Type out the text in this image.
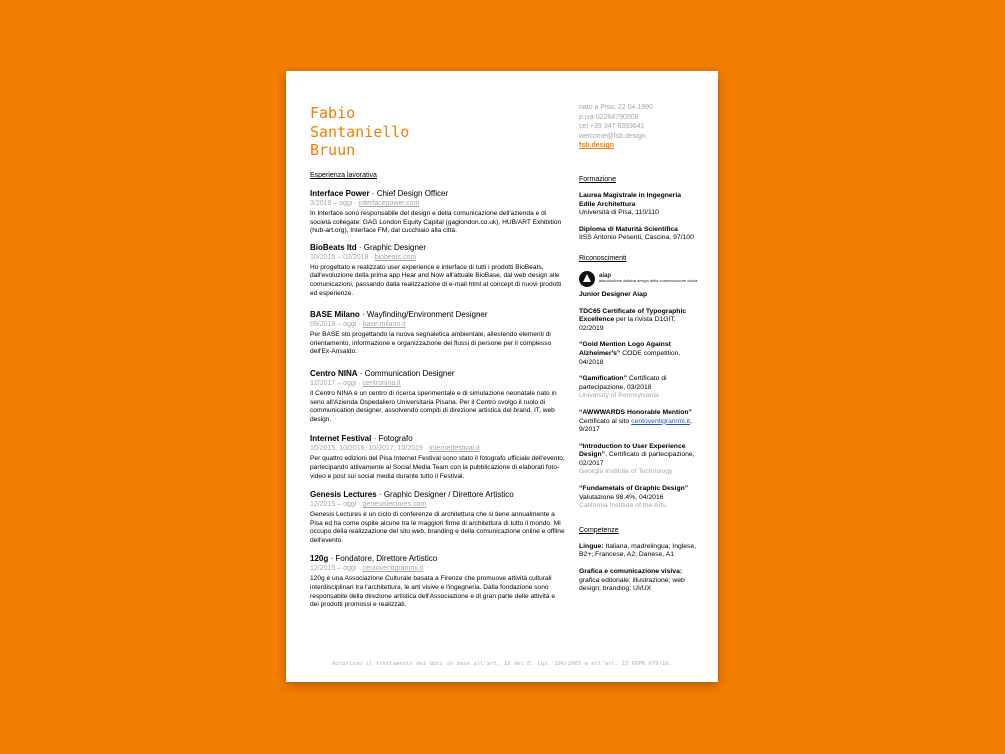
Fabio
Santaniello
Bruun
nato a Pisa, 22.04.1990
p.iva 02264790508
cel +39 347 6393641
welcome@fsb.design
fsb.design
Esperienza lavorativa
Interface Power · Chief Design Officer
3/2019 – oggi · interfacepower.com
In Interface sono responsabile del design e della comunicazione dell'azienda e di società collegate: GAG London Equity Capital (gaglondon.co.uk), HUB/ART Exhibition (hub-art.org), Interface FM, dal cucchiaio alla città.
BioBeats ltd · Graphic Designer
10/2015 – 02/2019 · biobeats.com
Ho progettato e realizzato user experience e interface di tutti i prodotti BioBeats, dall'evoluzione della prima app Hear and Now all'attuale BioBase, dal web design alle comunicazioni, passando dalla realizzazione di e-mail html al concept di nuovi prodotti ed esperienze.
BASE Milano · Wayfinding/Environment Designer
09/2018 – oggi · base.milano.it
Per BASE sto progettando la nuova segnaletica ambientale, allestendo elementi di orientamento, informazione e organizzazione dei flussi di persone per il complesso dell'Ex-Ansaldo.
Centro NINA · Communication Designer
12/2017 – oggi · centronina.it
Il Centro NINA è un centro di ricerca sperimentale e di simulazione neonatale nato in seno all'Azienda Ospedaliero Universitaria Pisana. Per il Centro svolgo il ruolo di communication designer, assolvendo compiti di direzione artistica del brand, IT, web design.
Internet Festival · Fotografo
10/2015, 10/2016, 10/2017, 10/2019 · internetfestival.it
Per quattro edizioni del Pisa Internet Festival sono stato il fotografo ufficiale dell'evento, partecipando attivamente al Social Media Team con la pubblicazione di elaborati foto-video e post sui social media durante tutto il Festival.
Genesis Lectures · Graphic Designer / Direttore Artistico
12/2015 – oggi · genesislectures.com
Genesis Lectures è un ciclo di conferenze di architettura che si tiene annualmente a Pisa ed ha come ospite alcune tra le maggiori firme di architettura di tutto il mondo. Mi occupo della realizzazione del sito web, branding e della comunicazione online e offline dell'evento.
120g · Fondatore, Direttore Artistico
12/2015 – oggi · centoventigrammi.it
120g è una Associazione Culturale basata a Firenze che promuove attività culturali interdisciplinari tra l'architettura, le arti visive e l'ingegneria. Dalla fondazione sono responsabile della direzione artistica dell'Associazione e di gran parte delle attività e dei prodotti promossi e realizzati.
Formazione
Laurea Magistrale in Ingegneria Edile Architettura
Università di Pisa, 110/110
Diploma di Maturità Scientifica
IISS Antonio Pesenti, Cascina, 97/100
Riconoscimenti
aiap
associazione italiana design della comunicazione visiva
Junior Designer Aiap
TDC65 Certificate of Typographic Excellence per la rivista D1GIT, 02/2019
“Gold Mention Logo Against Alzheimer's” CODE competition, 04/2018
“Gamification” Certificato di partecipazione, 03/2018
University of Pennsylvania
“AWWWARDS Honorable Mention” Certificato al sito centoventigrammi.it, 9/2017
“Introduction to User Experience Design”, Certificato di partecipazione, 02/2017
Georgia Institute of Technology
“Fundametals of Graphic Design” Valutazione 98.4%, 04/2016
California Institute of the Arts
Competenze
Lingue: Italiana, madrelingua; Inglese, B2+; Francese, A2; Danese, A1
Grafica e comunicazione visiva: grafica editoriale; illustrazione; web design; branding; UI/UX
Autorizzo il trattamento dei dati in base all'art. 13 del D. Lgs. 196/2003 e all'art. 13 GDPR 679/16.
